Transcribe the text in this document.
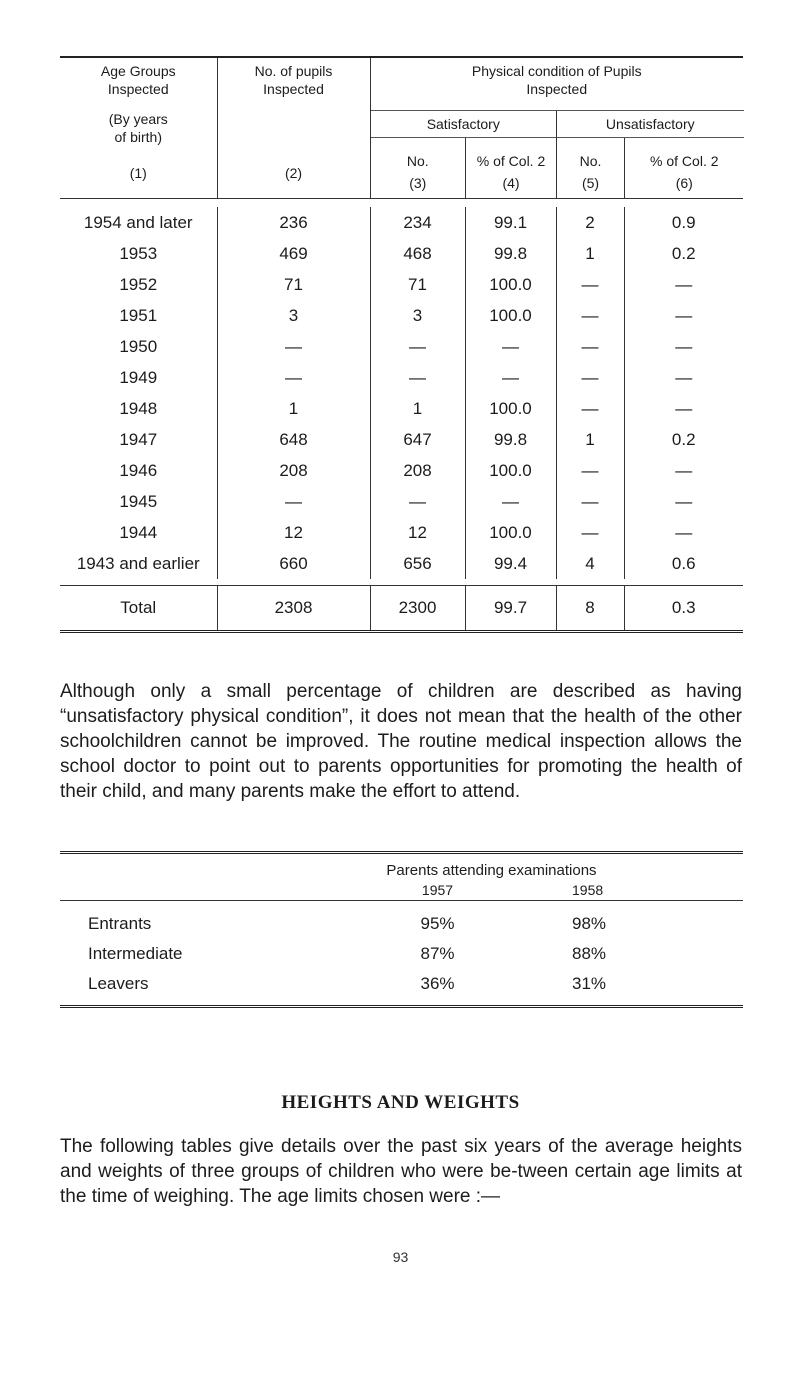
Age Groups
Inspected
(By years
of birth)
(1)

No. of pupils
Inspected
(2)

Physical condition of Pupils
Inspected

Satisfactory	Unsatisfactory

No.
(3)

% of Col. 2
(4)

No.
(5)

% of Col. 2
(6)

1954 and later	236	234	99.1	2	0.9
1953	469	468	99.8	1	0.2
1952	71	71	100.0	—	—
1951	3	3	100.0	—	—
1950	—	—	—	—	—
1949	—	—	—	—	—
1948	1	1	100.0	—	—
1947	648	647	99.8	1	0.2
1946	208	208	100.0	—	—
1945	—	—	—	—	—
1944	12	12	100.0	—	—
1943 and earlier	660	656	99.4	4	0.6

Total	2308	2300	99.7	8	0.3

Although only a small percentage of children are described as having “unsatisfactory physical condition”, it does not mean that the health of the other schoolchildren cannot be improved. The routine medical inspection allows the school doctor to point out to parents opportunities for promoting the health of their child, and many parents make the effort to attend.

Parents attending examinations		
	1957	1958

Entrants	95%	98%
Intermediate	87%	88%
Leavers	36%	31%

HEIGHTS AND WEIGHTS

The following tables give details over the past six years of the average heights and weights of three groups of children who were be-tween certain age limits at the time of weighing. The age limits chosen were :—

93
